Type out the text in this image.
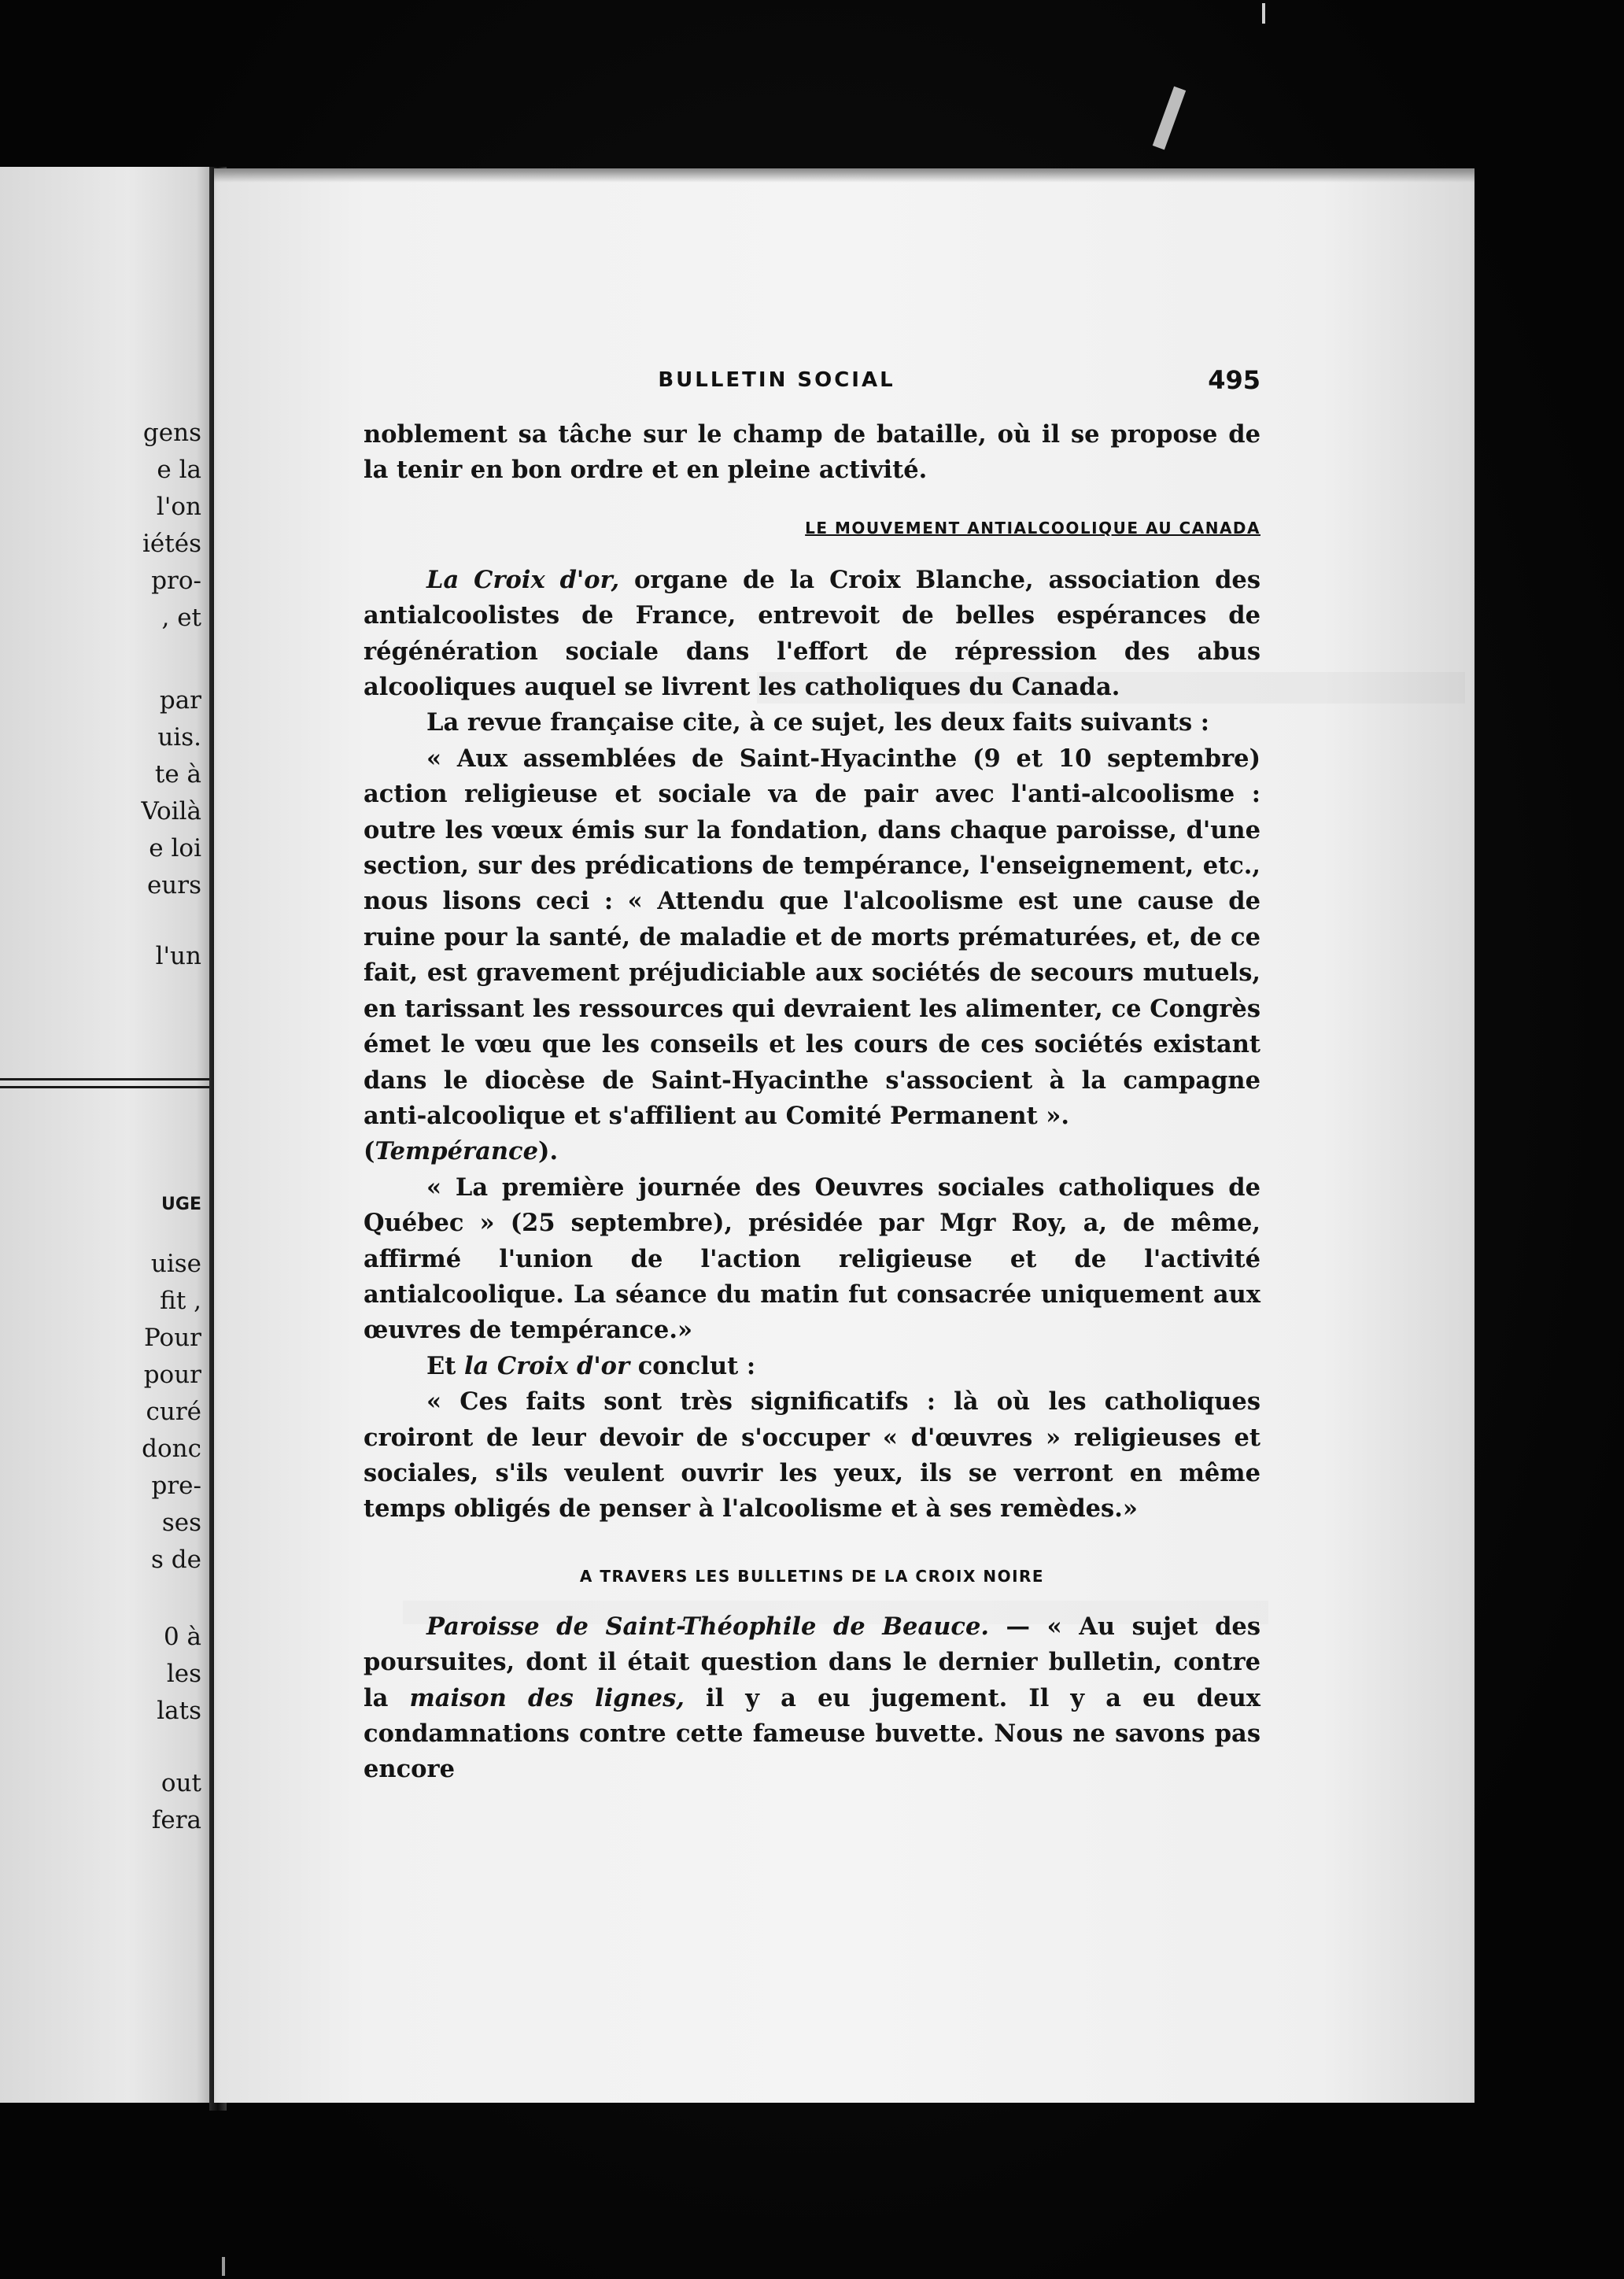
gens
e la
l'on
iétés
pro-
, et
par
uis.
te à
Voilà
e loi
eurs
l'un
UGE
uise
fit ,
Pour
pour
curé
donc
pre-
ses
s de
0 à
les
lats
out
fera
BULLETIN SOCIAL	495

noblement sa tâche sur le champ de bataille, où il se propose de la tenir en bon ordre et en pleine activité.

LE MOUVEMENT ANTIALCOOLIQUE AU CANADA

La Croix d'or, organe de la Croix Blanche, association des antialcoolistes de France, entrevoit de belles espérances de régénération sociale dans l'effort de répression des abus alcooliques auquel se livrent les catholiques du Canada.

La revue française cite, à ce sujet, les deux faits suivants :

« Aux assemblées de Saint-Hyacinthe (9 et 10 septembre) action religieuse et sociale va de pair avec l'anti-alcoolisme : outre les vœux émis sur la fondation, dans chaque paroisse, d'une section, sur des prédications de tempérance, l'enseignement, etc., nous lisons ceci : « Attendu que l'alcoolisme est une cause de ruine pour la santé, de maladie et de morts prématurées, et, de ce fait, est gravement préjudiciable aux sociétés de secours mutuels, en tarissant les ressources qui devraient les alimenter, ce Congrès émet le vœu que les conseils et les cours de ces sociétés existant dans le diocèse de Saint-Hyacinthe s'associent à la campagne anti-alcoolique et s'affilient au Comité Permanent ».
(Tempérance).

« La première journée des Oeuvres sociales catholiques de Québec » (25 septembre), présidée par Mgr Roy, a, de même, affirmé l'union de l'action religieuse et de l'activité antialcoolique. La séance du matin fut consacrée uniquement aux œuvres de tempérance.»

Et la Croix d'or conclut :

« Ces faits sont très significatifs : là où les catholiques croiront de leur devoir de s'occuper « d'œuvres » religieuses et sociales, s'ils veulent ouvrir les yeux, ils se verront en même temps obligés de penser à l'alcoolisme et à ses remèdes.»

A TRAVERS LES BULLETINS DE LA CROIX NOIRE

Paroisse de Saint-Théophile de Beauce. — « Au sujet des poursuites, dont il était question dans le dernier bulletin, contre la maison des lignes, il y a eu jugement. Il y a eu deux condamnations contre cette fameuse buvette. Nous ne savons pas encore
